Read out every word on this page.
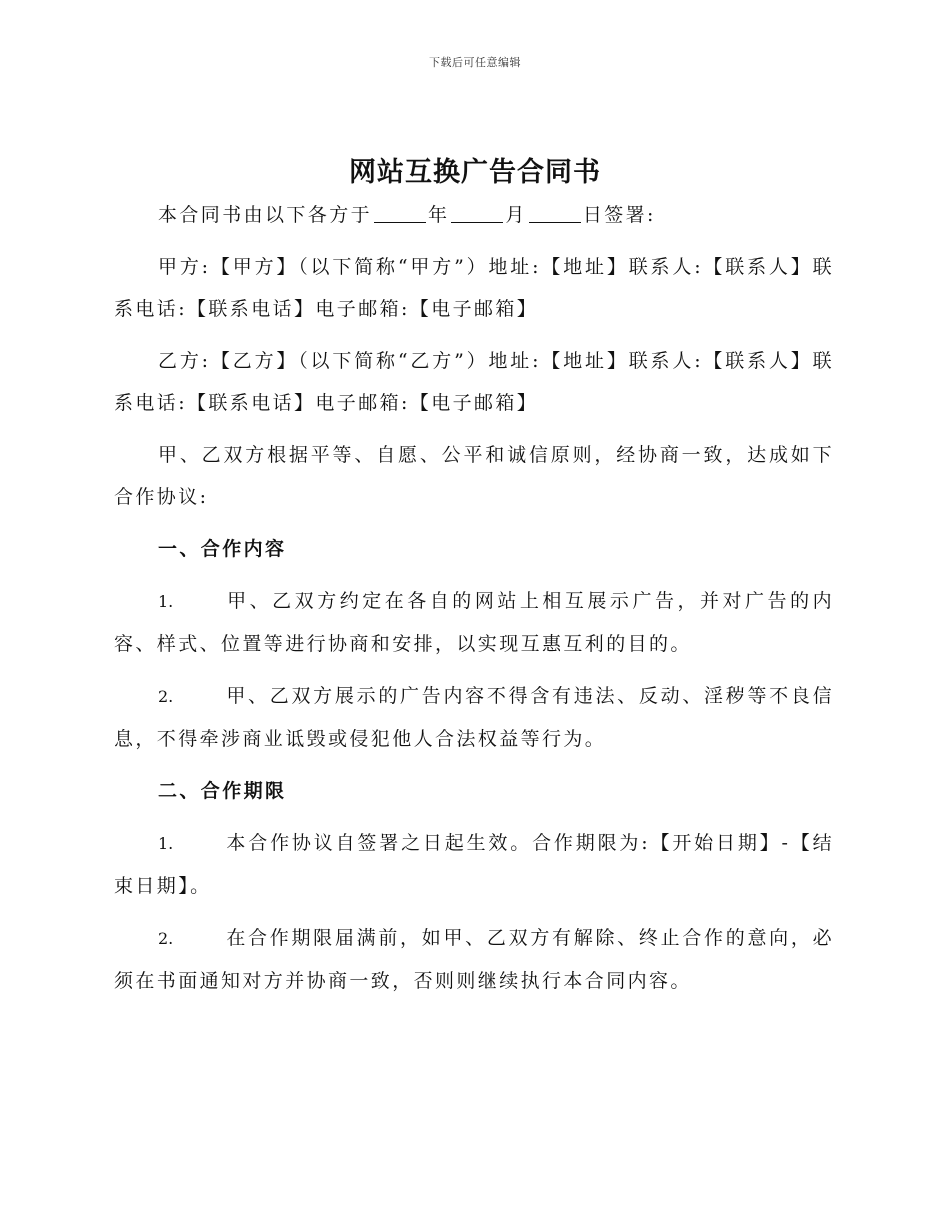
下载后可任意编辑
网站互换广告合同书

本合同书由以下各方于	年	月	日签署:

甲方:【甲方】（以下简称“甲方”）地址:【地址】联系人:【联系人】联系电话:【联系电话】电子邮箱:【电子邮箱】

乙方:【乙方】（以下简称“乙方”）地址:【地址】联系人:【联系人】联系电话:【联系电话】电子邮箱:【电子邮箱】

甲、乙双方根据平等、自愿、公平和诚信原则，经协商一致，达成如下合作协议:

一、合作内容

1.	甲、乙双方约定在各自的网站上相互展示广告，并对广告的内容、样式、位置等进行协商和安排，以实现互惠互利的目的。

2.	甲、乙双方展示的广告内容不得含有违法、反动、淫秽等不良信息，不得牵涉商业诋毁或侵犯他人合法权益等行为。

二、合作期限

1.	本合作协议自签署之日起生效。合作期限为:【开始日期】-【结束日期】。

2.	在合作期限届满前，如甲、乙双方有解除、终止合作的意向，必须在书面通知对方并协商一致，否则则继续执行本合同内容。
